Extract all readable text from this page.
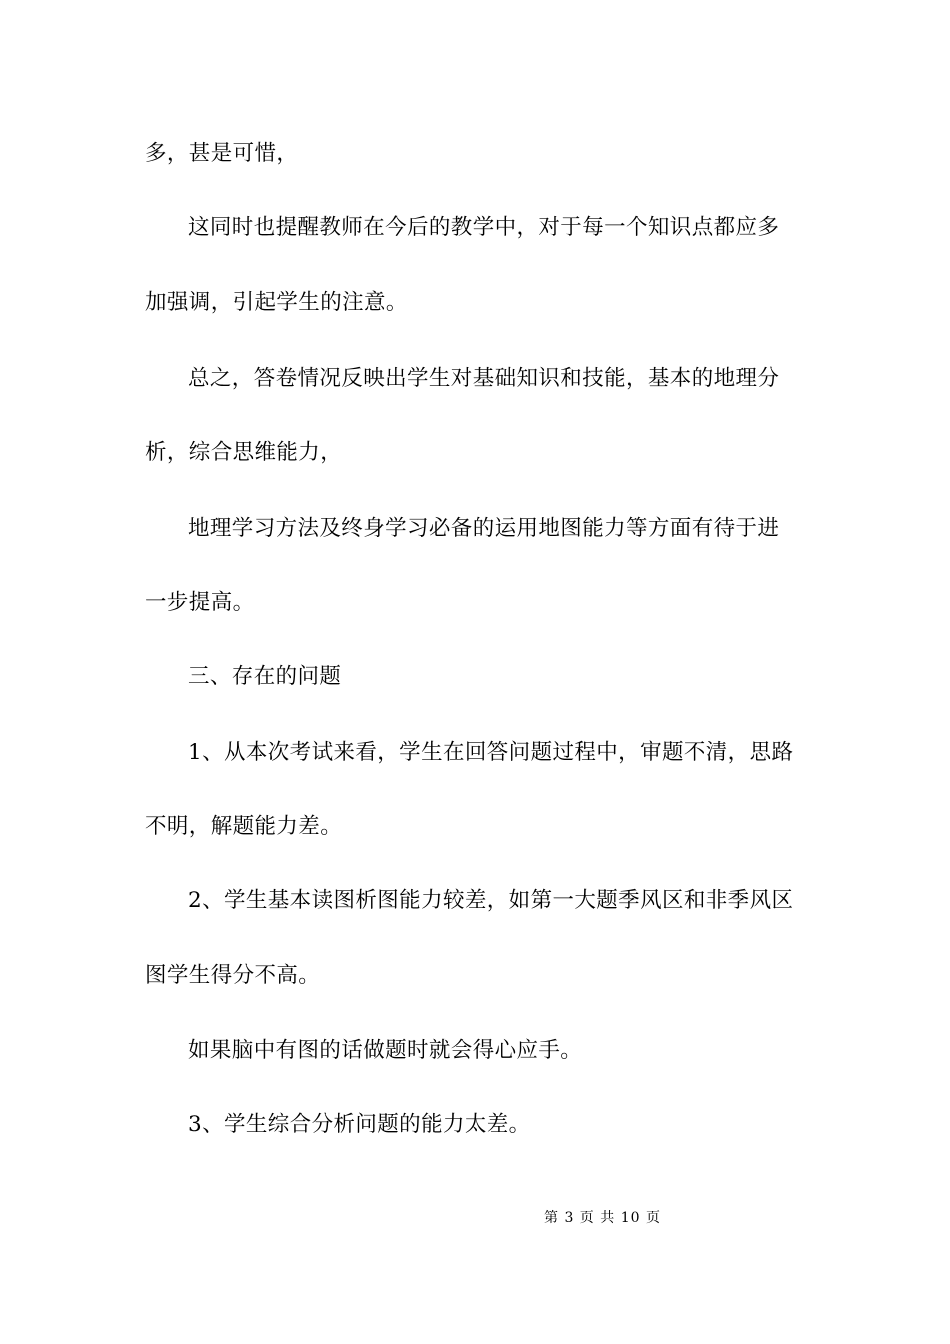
多，甚是可惜，
这同时也提醒教师在今后的教学中，对于每一个知识点都应多
加强调，引起学生的注意。
总之，答卷情况反映出学生对基础知识和技能，基本的地理分
析，综合思维能力，
地理学习方法及终身学习必备的运用地图能力等方面有待于进
一步提高。
三、存在的问题
1、从本次考试来看，学生在回答问题过程中，审题不清，思路
不明，解题能力差。
2、学生基本读图析图能力较差，如第一大题季风区和非季风区
图学生得分不高。
如果脑中有图的话做题时就会得心应手。
3、学生综合分析问题的能力太差。
第 3 页 共 10 页
